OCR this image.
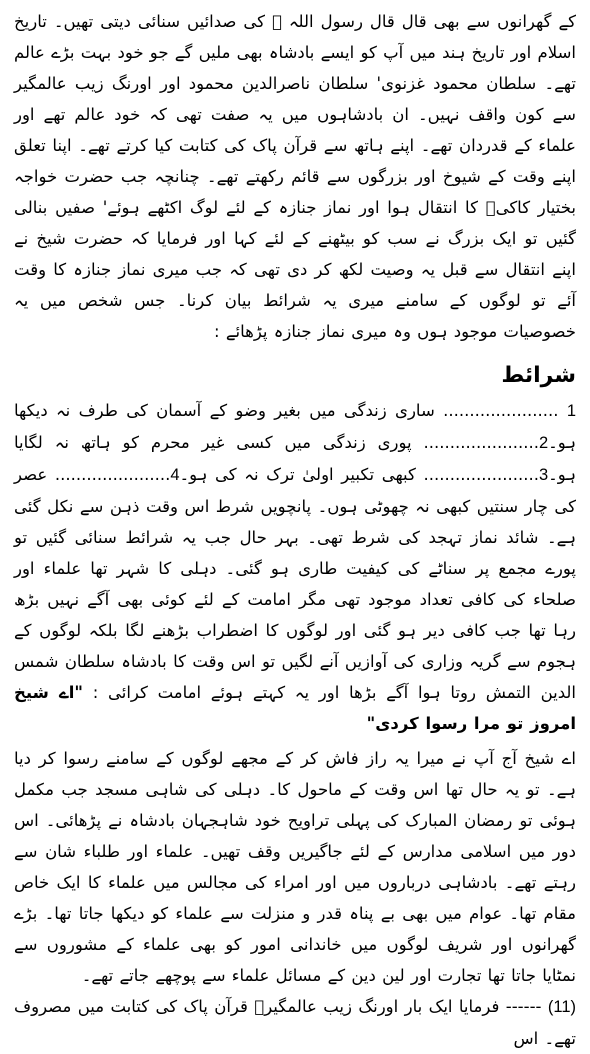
کے گھرانوں سے بھی قال قال رسول اللہ ﷺ کی صدائیں سنائی دیتی تھیں۔ تاریخ اسلام اور تاریخ ہند میں آپ کو ایسے بادشاہ بھی ملیں گے جو خود بہت بڑے عالم تھے۔ سلطان محمود غزنوی' سلطان ناصرالدین محمود اور اورنگ زیب عالمگیر سے کون واقف نہیں۔ ان بادشاہوں میں یہ صفت تھی کہ خود عالم تھے اور علماء کے قدردان تھے۔ اپنے ہاتھ سے قرآن پاک کی کتابت کیا کرتے تھے۔ اپنا تعلق اپنے وقت کے شیوخ اور بزرگوں سے قائم رکھتے تھے۔ چنانچہ جب حضرت خواجہ بختیار کاکیؒ کا انتقال ہوا اور نماز جنازہ کے لئے لوگ اکٹھے ہوئے' صفیں بنالی گئیں تو ایک بزرگ نے سب کو بیٹھنے کے لئے کہا اور فرمایا کہ حضرت شیخ نے اپنے انتقال سے قبل یہ وصیت لکھ کر دی تھی کہ جب میری نماز جنازہ کا وقت آئے تو لوگوں کے سامنے میری یہ شرائط بیان کرنا۔ جس شخص میں یہ خصوصیات موجود ہوں وہ میری نماز جنازہ پڑھائے :

شرائط

1 ...................... ساری زندگی میں بغیر وضو کے آسمان کی طرف نہ دیکھا ہو۔2...................... پوری زندگی میں کسی غیر محرم کو ہاتھ نہ لگایا ہو۔3...................... کبھی تکبیر اولیٰ ترک نہ کی ہو۔4...................... عصر کی چار سنتیں کبھی نہ چھوٹی ہوں۔ پانچویں شرط اس وقت ذہن سے نکل گئی ہے۔ شائد نماز تہجد کی شرط تھی۔ بہر حال جب یہ شرائط سنائی گئیں تو پورے مجمع پر سناٹے کی کیفیت طاری ہو گئی۔ دہلی کا شہر تھا علماء اور صلحاء کی کافی تعداد موجود تھی مگر امامت کے لئے کوئی بھی آگے نہیں بڑھ رہا تھا جب کافی دیر ہو گئی اور لوگوں کا اضطراب بڑھنے لگا بلکہ لوگوں کے ہجوم سے گریہ وزاری کی آوازیں آنے لگیں تو اس وقت کا بادشاہ سلطان شمس الدین التمش روتا ہوا آگے بڑھا اور یہ کہتے ہوئے امامت کرائی : "اے شیخ امروز تو مرا رسوا کردی"

اے شیخ آج آپ نے میرا یہ راز فاش کر کے مجھے لوگوں کے سامنے رسوا کر دیا ہے۔ تو یہ حال تھا اس وقت کے ماحول کا۔ دہلی کی شاہی مسجد جب مکمل ہوئی تو رمضان المبارک کی پہلی تراویح خود شاہجہان بادشاہ نے پڑھائی۔ اس دور میں اسلامی مدارس کے لئے جاگیریں وقف تھیں۔ علماء اور طلباء شان سے رہتے تھے۔ بادشاہی درباروں میں اور امراء کی مجالس میں علماء کا ایک خاص مقام تھا۔ عوام میں بھی بے پناہ قدر و منزلت سے علماء کو دیکھا جاتا تھا۔ بڑے گھرانوں اور شریف لوگوں میں خاندانی امور کو بھی علماء کے مشوروں سے نمٹایا جاتا تھا تجارت اور لین دین کے مسائل علماء سے پوچھے جاتے تھے۔

(11) ------ فرمایا ایک بار اورنگ زیب عالمگیرؒ قرآن پاک کی کتابت میں مصروف تھے۔ اس
